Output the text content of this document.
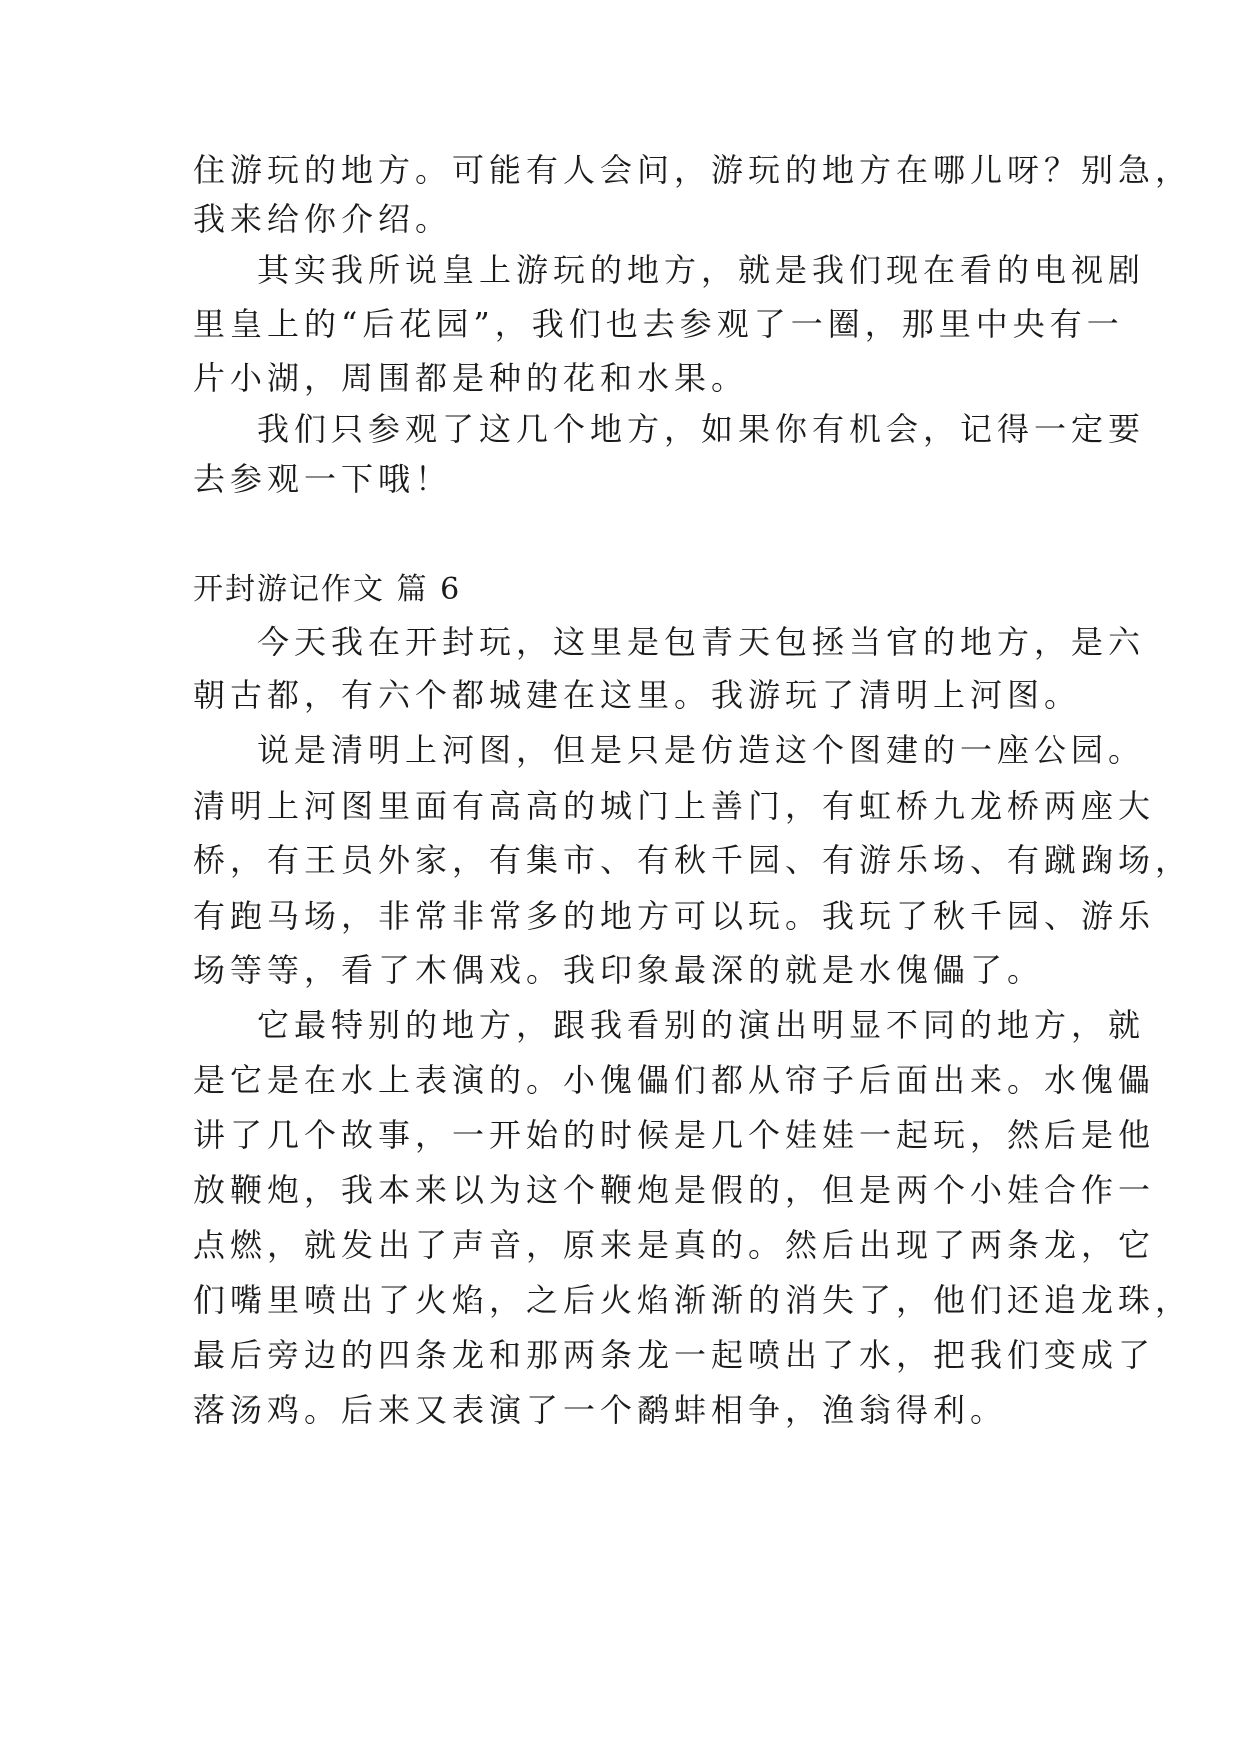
住游玩的地方。可能有人会问，游玩的地方在哪儿呀？别急，
我来给你介绍。
其实我所说皇上游玩的地方，就是我们现在看的电视剧
里皇上的“后花园”，我们也去参观了一圈，那里中央有一
片小湖，周围都是种的花和水果。
我们只参观了这几个地方，如果你有机会，记得一定要
去参观一下哦！
开封游记作文 篇 6
今天我在开封玩，这里是包青天包拯当官的地方，是六
朝古都，有六个都城建在这里。我游玩了清明上河图。
说是清明上河图，但是只是仿造这个图建的一座公园。
清明上河图里面有高高的城门上善门，有虹桥九龙桥两座大
桥，有王员外家，有集市、有秋千园、有游乐场、有蹴踘场，
有跑马场，非常非常多的地方可以玩。我玩了秋千园、游乐
场等等，看了木偶戏。我印象最深的就是水傀儡了。
它最特别的地方，跟我看别的演出明显不同的地方，就
是它是在水上表演的。小傀儡们都从帘子后面出来。水傀儡
讲了几个故事，一开始的时候是几个娃娃一起玩，然后是他
放鞭炮，我本来以为这个鞭炮是假的，但是两个小娃合作一
点燃，就发出了声音，原来是真的。然后出现了两条龙，它
们嘴里喷出了火焰，之后火焰渐渐的消失了，他们还追龙珠，
最后旁边的四条龙和那两条龙一起喷出了水，把我们变成了
落汤鸡。后来又表演了一个鹬蚌相争，渔翁得利。
